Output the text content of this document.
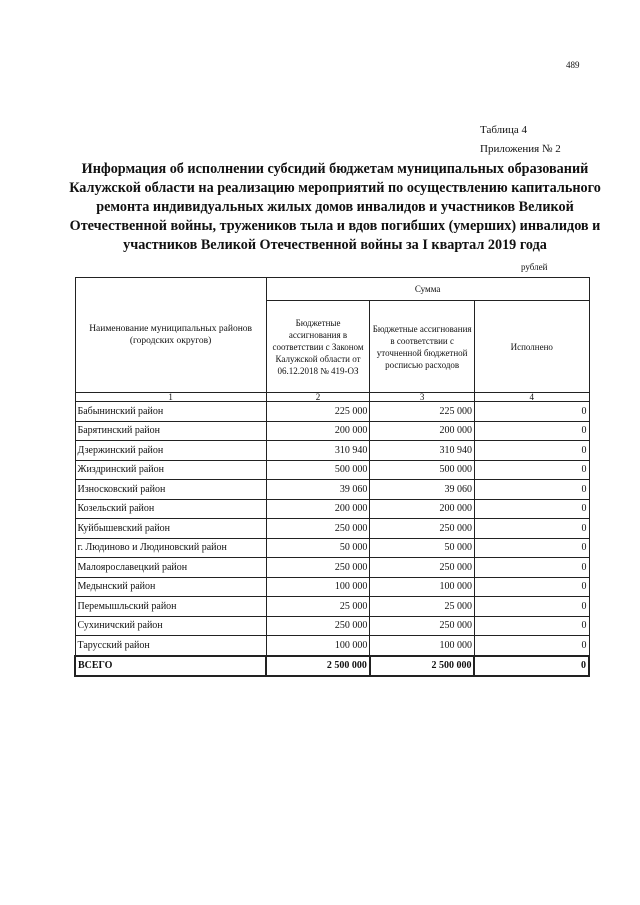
489
Таблица 4
Приложения № 2
Информация об исполнении субсидий бюджетам муниципальных образований Калужской области на реализацию мероприятий по осуществлению капитального ремонта индивидуальных жилых домов инвалидов и участников Великой Отечественной войны, тружеников тыла и вдов погибших (умерших) инвалидов и участников Великой Отечественной войны за I квартал 2019 года
рублей
Наименование муниципальных районов (городских округов)	Сумма		
	Бюджетные ассигнования в соответствии с Законом Калужской области от 06.12.2018 № 419-ОЗ	Бюджетные ассигнования в соответствии с уточненной бюджетной росписью расходов	Исполнено
1	2	3	4
Бабынинский район	225 000	225 000	0
Барятинский район	200 000	200 000	0
Дзержинский район	310 940	310 940	0
Жиздринский район	500 000	500 000	0
Износковский район	39 060	39 060	0
Козельский район	200 000	200 000	0
Куйбышевский район	250 000	250 000	0
г. Людиново и Людиновский район	50 000	50 000	0
Малоярославецкий район	250 000	250 000	0
Медынский район	100 000	100 000	0
Перемышльский район	25 000	25 000	0
Сухиничский район	250 000	250 000	0
Тарусский район	100 000	100 000	0
ВСЕГО	2 500 000	2 500 000	0
